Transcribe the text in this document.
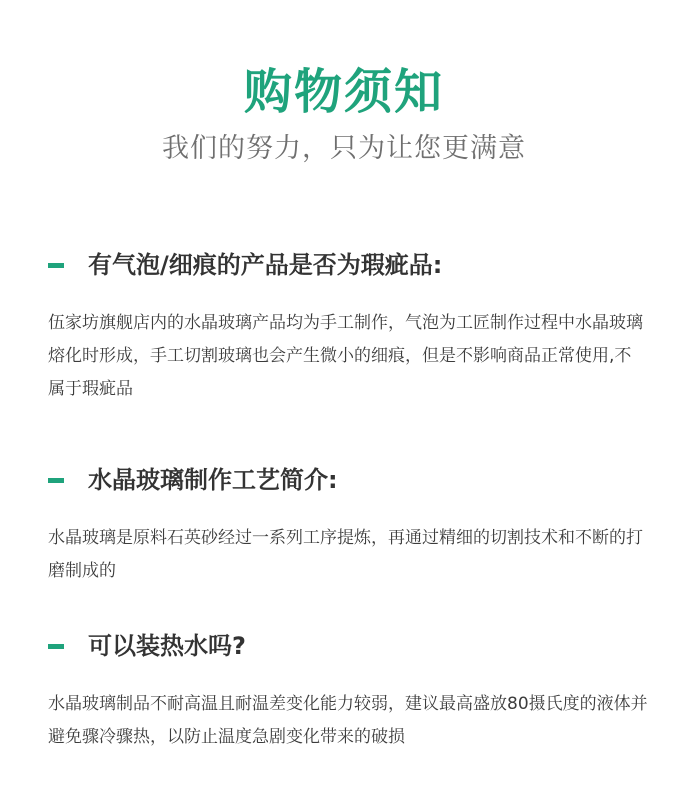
购物须知
我们的努力，只为让您更满意
有气泡/细痕的产品是否为瑕疵品:

伍家坊旗舰店内的水晶玻璃产品均为手工制作，气泡为工匠制作过程中水晶玻璃熔化时形成，手工切割玻璃也会产生微小的细痕，但是不影响商品正常使用,不属于瑕疵品

水晶玻璃制作工艺简介:

水晶玻璃是原料石英砂经过一系列工序提炼，再通过精细的切割技术和不断的打磨制成的

可以装热水吗?

水晶玻璃制品不耐高温且耐温差变化能力较弱，建议最高盛放80摄氏度的液体并避免骤冷骤热，以防止温度急剧变化带来的破损
